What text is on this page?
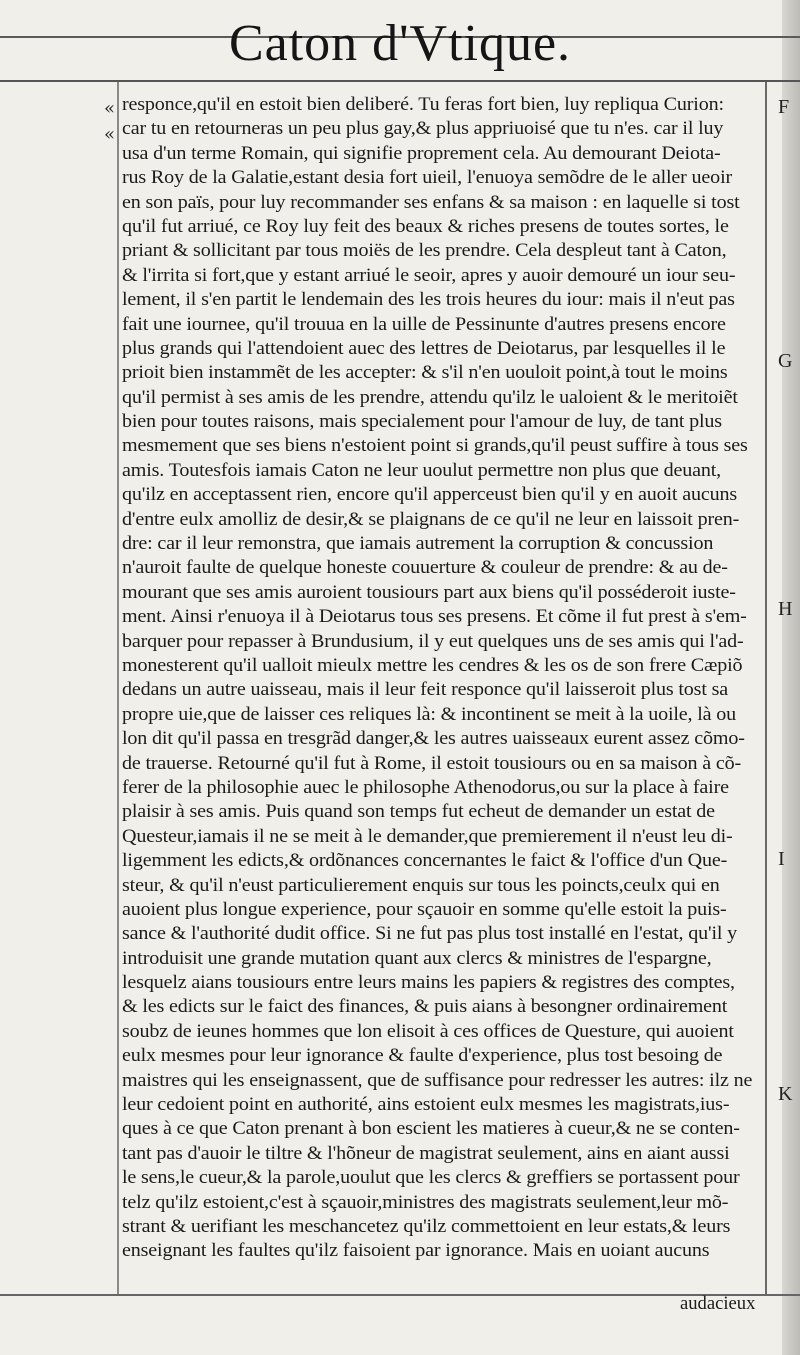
Caton d'Vtique.
«
«
responce,qu'il en estoit bien deliberé. Tu feras fort bien, luy repliqua Curion:
car tu en retourneras un peu plus gay,& plus appriuoisé que tu n'es. car il luy
usa d'un terme Romain, qui signifie proprement cela. Au demourant Deiota-
rus Roy de la Galatie,estant desia fort uieil, l'enuoya semõdre de le aller ueoir
en son païs, pour luy recommander ses enfans & sa maison : en laquelle si tost
qu'il fut arriué, ce Roy luy feit des beaux & riches presens de toutes sortes, le
priant & sollicitant par tous moiës de les prendre. Cela despleut tant à Caton,
& l'irrita si fort,que y estant arriué le seoir, apres y auoir demouré un iour seu-
lement, il s'en partit le lendemain des les trois heures du iour: mais il n'eut pas
fait une iournee, qu'il trouua en la uille de Pessinunte d'autres presens encore
plus grands qui l'attendoient auec des lettres de Deiotarus, par lesquelles il le
prioit bien instammẽt de les accepter: & s'il n'en uouloit point,à tout le moins
qu'il permist à ses amis de les prendre, attendu qu'ilz le ualoient & le meritoiẽt
bien pour toutes raisons, mais specialement pour l'amour de luy, de tant plus
mesmement que ses biens n'estoient point si grands,qu'il peust suffire à tous ses
amis. Toutesfois iamais Caton ne leur uoulut permettre non plus que deuant,
qu'ilz en acceptassent rien, encore qu'il apperceust bien qu'il y en auoit aucuns
d'entre eulx amolliz de desir,& se plaignans de ce qu'il ne leur en laissoit pren-
dre: car il leur remonstra, que iamais autrement la corruption & concussion
n'auroit faulte de quelque honeste couuerture & couleur de prendre: & au de-
mourant que ses amis auroient tousiours part aux biens qu'il posséderoit iuste-
ment. Ainsi r'enuoya il à Deiotarus tous ses presens. Et cõme il fut prest à s'em-
barquer pour repasser à Brundusium, il y eut quelques uns de ses amis qui l'ad-
monesterent qu'il ualloit mieulx mettre les cendres & les os de son frere Cæpiõ
dedans un autre uaisseau, mais il leur feit responce qu'il laisseroit plus tost sa
propre uie,que de laisser ces reliques là: & incontinent se meit à la uoile, là ou
lon dit qu'il passa en tresgrãd danger,& les autres uaisseaux eurent assez cõmo-
de trauerse. Retourné qu'il fut à Rome, il estoit tousiours ou en sa maison à cõ-
ferer de la philosophie auec le philosophe Athenodorus,ou sur la place à faire
plaisir à ses amis. Puis quand son temps fut echeut de demander un estat de
Questeur,iamais il ne se meit à le demander,que premierement il n'eust leu di-
ligemment les edicts,& ordõnances concernantes le faict & l'office d'un Que-
steur, & qu'il n'eust particulierement enquis sur tous les poincts,ceulx qui en
auoient plus longue experience, pour sçauoir en somme qu'elle estoit la puis-
sance & l'authorité dudit office. Si ne fut pas plus tost installé en l'estat, qu'il y
introduisit une grande mutation quant aux clercs & ministres de l'espargne,
lesquelz aians tousiours entre leurs mains les papiers & registres des comptes,
& les edicts sur le faict des finances, & puis aians à besongner ordinairement
soubz de ieunes hommes que lon elisoit à ces offices de Questure, qui auoient
eulx mesmes pour leur ignorance & faulte d'experience, plus tost besoing de
maistres qui les enseignassent, que de suffisance pour redresser les autres: ilz ne
leur cedoient point en authorité, ains estoient eulx mesmes les magistrats,ius-
ques à ce que Caton prenant à bon escient les matieres à cueur,& ne se conten-
tant pas d'auoir le tiltre & l'hõneur de magistrat seulement, ains en aiant aussi
le sens,le cueur,& la parole,uoulut que les clercs & greffiers se portassent pour
telz qu'ilz estoient,c'est à sçauoir,ministres des magistrats seulement,leur mõ-
strant & uerifiant les meschancetez qu'ilz commettoient en leur estats,& leurs
enseignant les faultes qu'ilz faisoient par ignorance. Mais en uoiant aucuns
F
G
H
I
K
audacieux
